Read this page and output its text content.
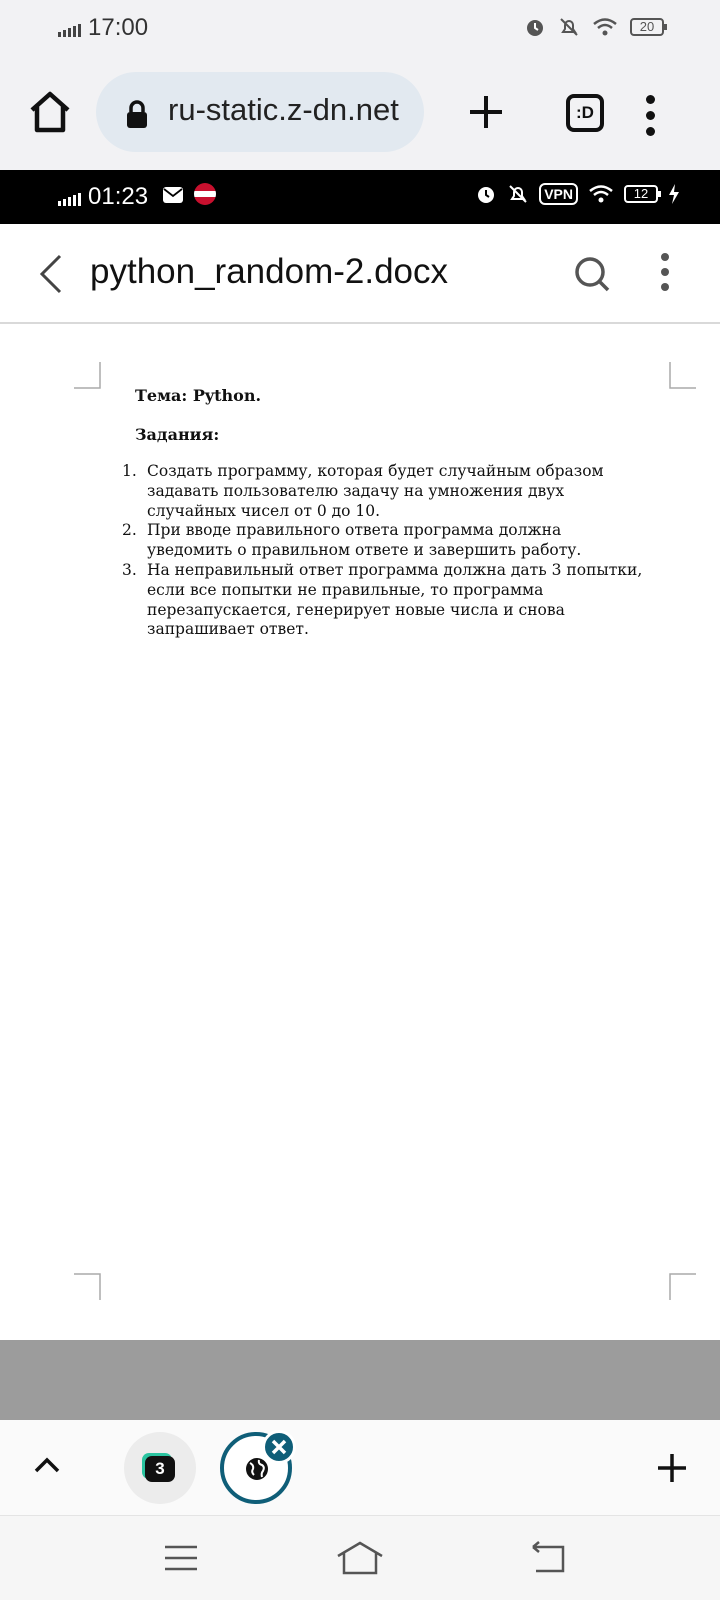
17:00	20
ru-static.z-dn.net	:D
01:23	VPN	12
python_random-2.docx
Тема: Python.
Задания:
1. Создать программу, которая будет случайным образом
задавать пользователю задачу на умножения двух
случайных чисел от 0 до 10.
2. При вводе правильного ответа программа должна
уведомить о правильном ответе и завершить работу.
3. На неправильный ответ программа должна дать 3 попытки,
если все попытки не правильные, то программа
перезапускается, генерирует новые числа и снова
запрашивает ответ.
3
